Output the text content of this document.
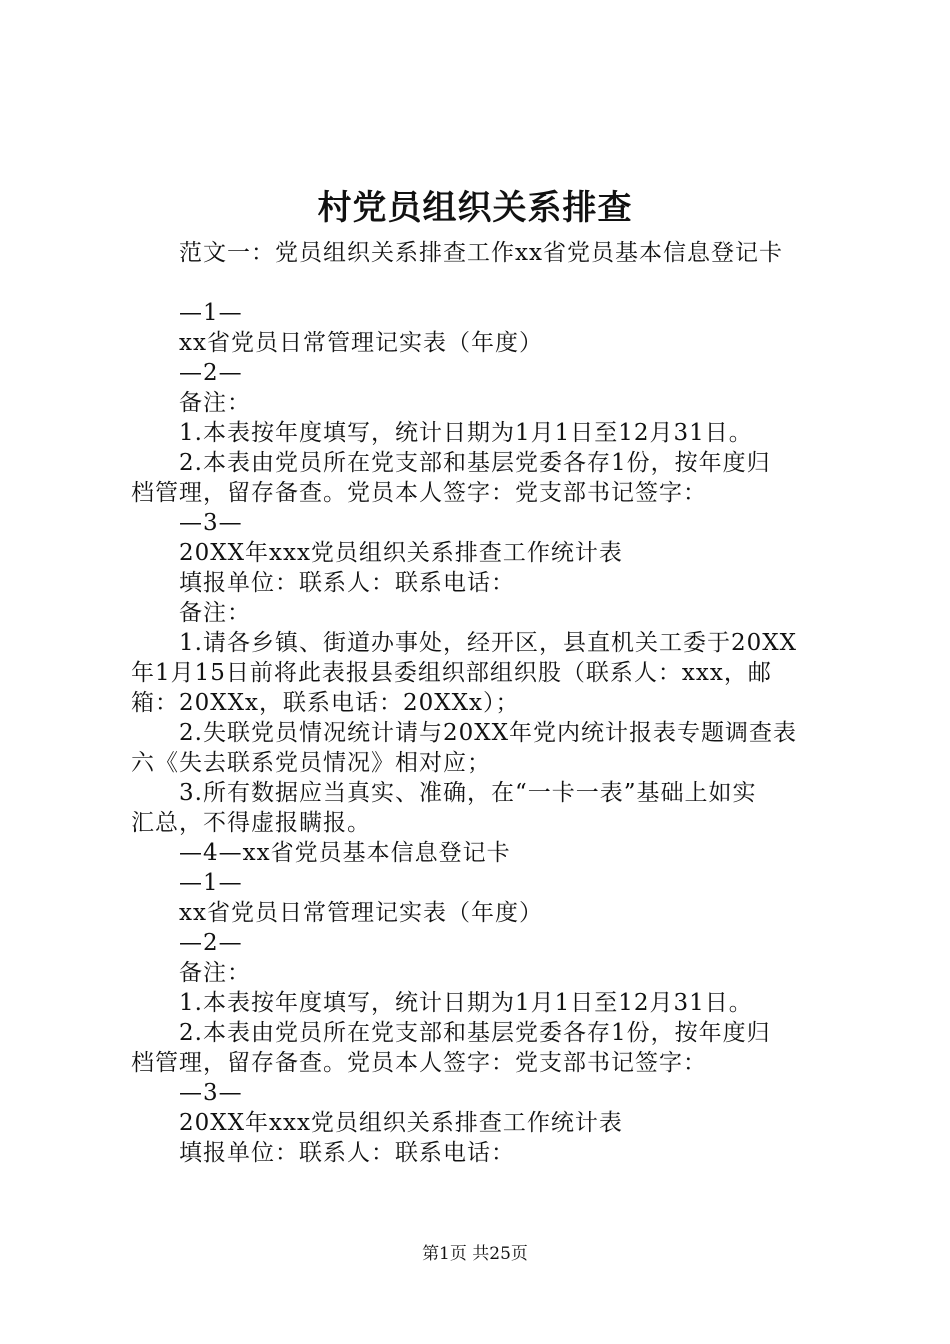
村党员组织关系排查
范文一：党员组织关系排查工作xx省党员基本信息登记卡
—1—
xx省党员日常管理记实表（年度）
—2—
备注：
1.本表按年度填写，统计日期为1月1日至12月31日。
2.本表由党员所在党支部和基层党委各存1份，按年度归
档管理，留存备查。党员本人签字：党支部书记签字：
—3—
20XX年xxx党员组织关系排查工作统计表
填报单位：联系人：联系电话：
备注：
1.请各乡镇、街道办事处，经开区，县直机关工委于20XX
年1月15日前将此表报县委组织部组织股（联系人：xxx，邮
箱：20XXx，联系电话：20XXx）；
2.失联党员情况统计请与20XX年党内统计报表专题调查表
六《失去联系党员情况》相对应；
3.所有数据应当真实、准确，在“一卡一表”基础上如实
汇总，不得虚报瞒报。
—4—xx省党员基本信息登记卡
—1—
xx省党员日常管理记实表（年度）
—2—
备注：
1.本表按年度填写，统计日期为1月1日至12月31日。
2.本表由党员所在党支部和基层党委各存1份，按年度归
档管理，留存备查。党员本人签字：党支部书记签字：
—3—
20XX年xxx党员组织关系排查工作统计表
填报单位：联系人：联系电话：
第1页 共25页
